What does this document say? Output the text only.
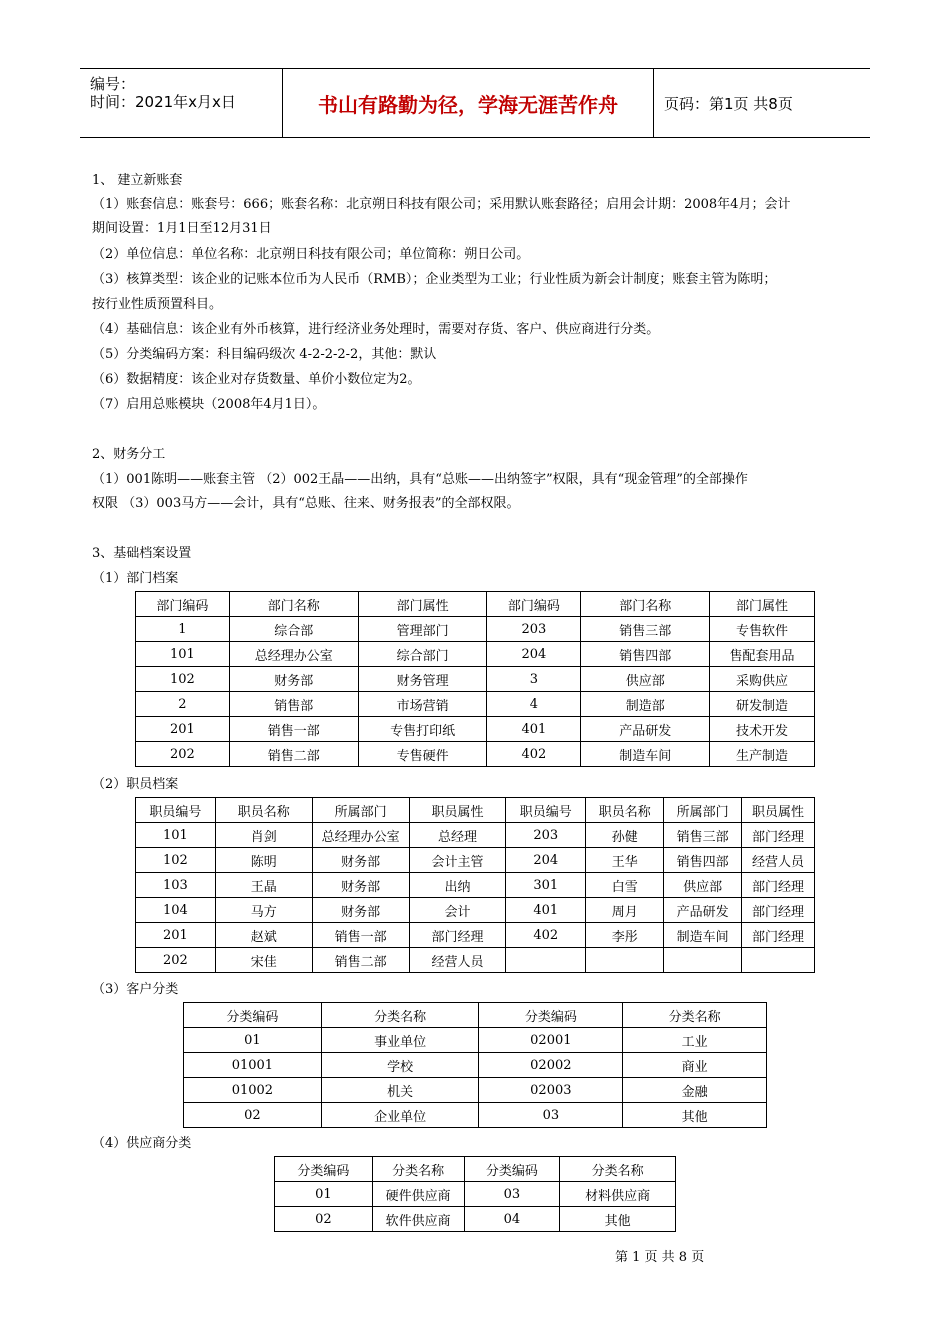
编号：
时间：2021年x月x日	书山有路勤为径，学海无涯苦作舟	页码：第1页 共8页
1、 建立新账套
（1）账套信息：账套号：666；账套名称：北京朔日科技有限公司；采用默认账套路径；启用会计期：2008年4月；会计
期间设置：1月1日至12月31日
（2）单位信息：单位名称：北京朔日科技有限公司；单位简称：朔日公司。
（3）核算类型：该企业的记账本位币为人民币（RMB）；企业类型为工业；行业性质为新会计制度；账套主管为陈明；
按行业性质预置科目。
（4）基础信息：该企业有外币核算，进行经济业务处理时，需要对存货、客户、供应商进行分类。
（5）分类编码方案：科目编码级次 4-2-2-2-2，其他：默认
（6）数据精度：该企业对存货数量、单价小数位定为2。
（7）启用总账模块（2008年4月1日）。
2、财务分工
（1）001陈明——账套主管 （2）002王晶——出纳，具有“总账——出纳签字”权限，具有“现金管理”的全部操作
权限 （3）003马方——会计，具有“总账、往来、财务报表”的全部权限。
3、基础档案设置
（1）部门档案
部门编码	部门名称	部门属性	部门编码	部门名称	部门属性
1	综合部	管理部门	203	销售三部	专售软件
101	总经理办公室	综合部门	204	销售四部	售配套用品
102	财务部	财务管理	3	供应部	采购供应
2	销售部	市场营销	4	制造部	研发制造
201	销售一部	专售打印纸	401	产品研发	技术开发
202	销售二部	专售硬件	402	制造车间	生产制造
（2）职员档案
职员编号	职员名称	所属部门	职员属性	职员编号	职员名称	所属部门	职员属性
101	肖剑	总经理办公室	总经理	203	孙健	销售三部	部门经理
102	陈明	财务部	会计主管	204	王华	销售四部	经营人员
103	王晶	财务部	出纳	301	白雪	供应部	部门经理
104	马方	财务部	会计	401	周月	产品研发	部门经理
201	赵斌	销售一部	部门经理	402	李彤	制造车间	部门经理
202	宋佳	销售二部	经营人员				
（3）客户分类
分类编码	分类名称	分类编码	分类名称
01	事业单位	02001	工业
01001	学校	02002	商业
01002	机关	02003	金融
02	企业单位	03	其他
（4）供应商分类
分类编码	分类名称	分类编码	分类名称
01	硬件供应商	03	材料供应商
02	软件供应商	04	其他
第 1 页 共 8 页
